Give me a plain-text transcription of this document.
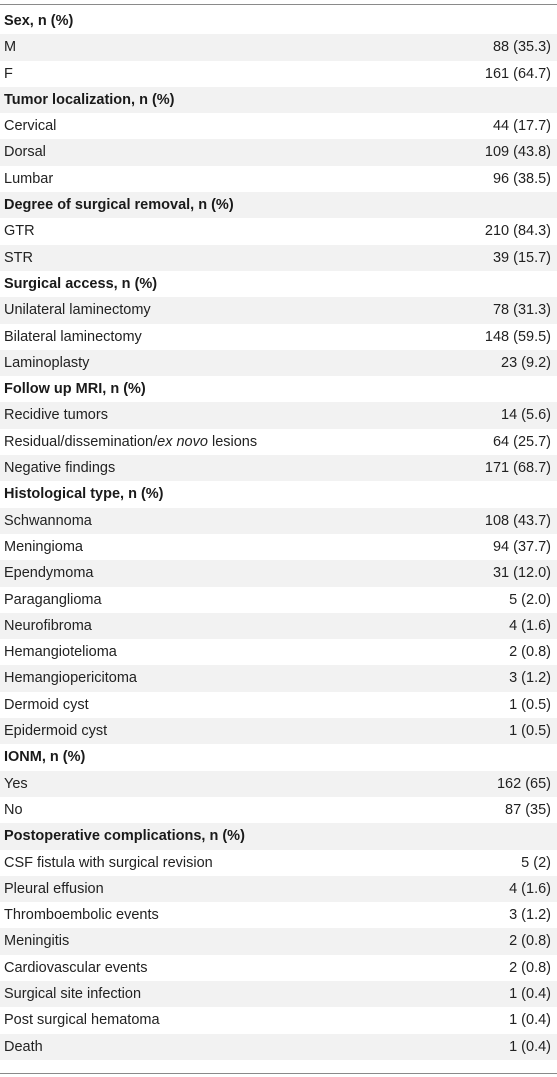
Sex, n (%)
M	88 (35.3)
F	161 (64.7)
Tumor localization, n (%)
Cervical	44 (17.7)
Dorsal	109 (43.8)
Lumbar	96 (38.5)
Degree of surgical removal, n (%)
GTR	210 (84.3)
STR	39 (15.7)
Surgical access, n (%)
Unilateral laminectomy	78 (31.3)
Bilateral laminectomy	148 (59.5)
Laminoplasty	23 (9.2)
Follow up MRI, n (%)
Recidive tumors	14 (5.6)
Residual/dissemination/ex novo lesions	64 (25.7)
Negative findings	171 (68.7)
Histological type, n (%)
Schwannoma	108 (43.7)
Meningioma	94 (37.7)
Ependymoma	31 (12.0)
Paraganglioma	5 (2.0)
Neurofibroma	4 (1.6)
Hemangiotelioma	2 (0.8)
Hemangiopericitoma	3 (1.2)
Dermoid cyst	1 (0.5)
Epidermoid cyst	1 (0.5)
IONM, n (%)
Yes	162 (65)
No	87 (35)
Postoperative complications, n (%)
CSF fistula with surgical revision	5 (2)
Pleural effusion	4 (1.6)
Thromboembolic events	3 (1.2)
Meningitis	2 (0.8)
Cardiovascular events	2 (0.8)
Surgical site infection	1 (0.4)
Post surgical hematoma	1 (0.4)
Death	1 (0.4)
